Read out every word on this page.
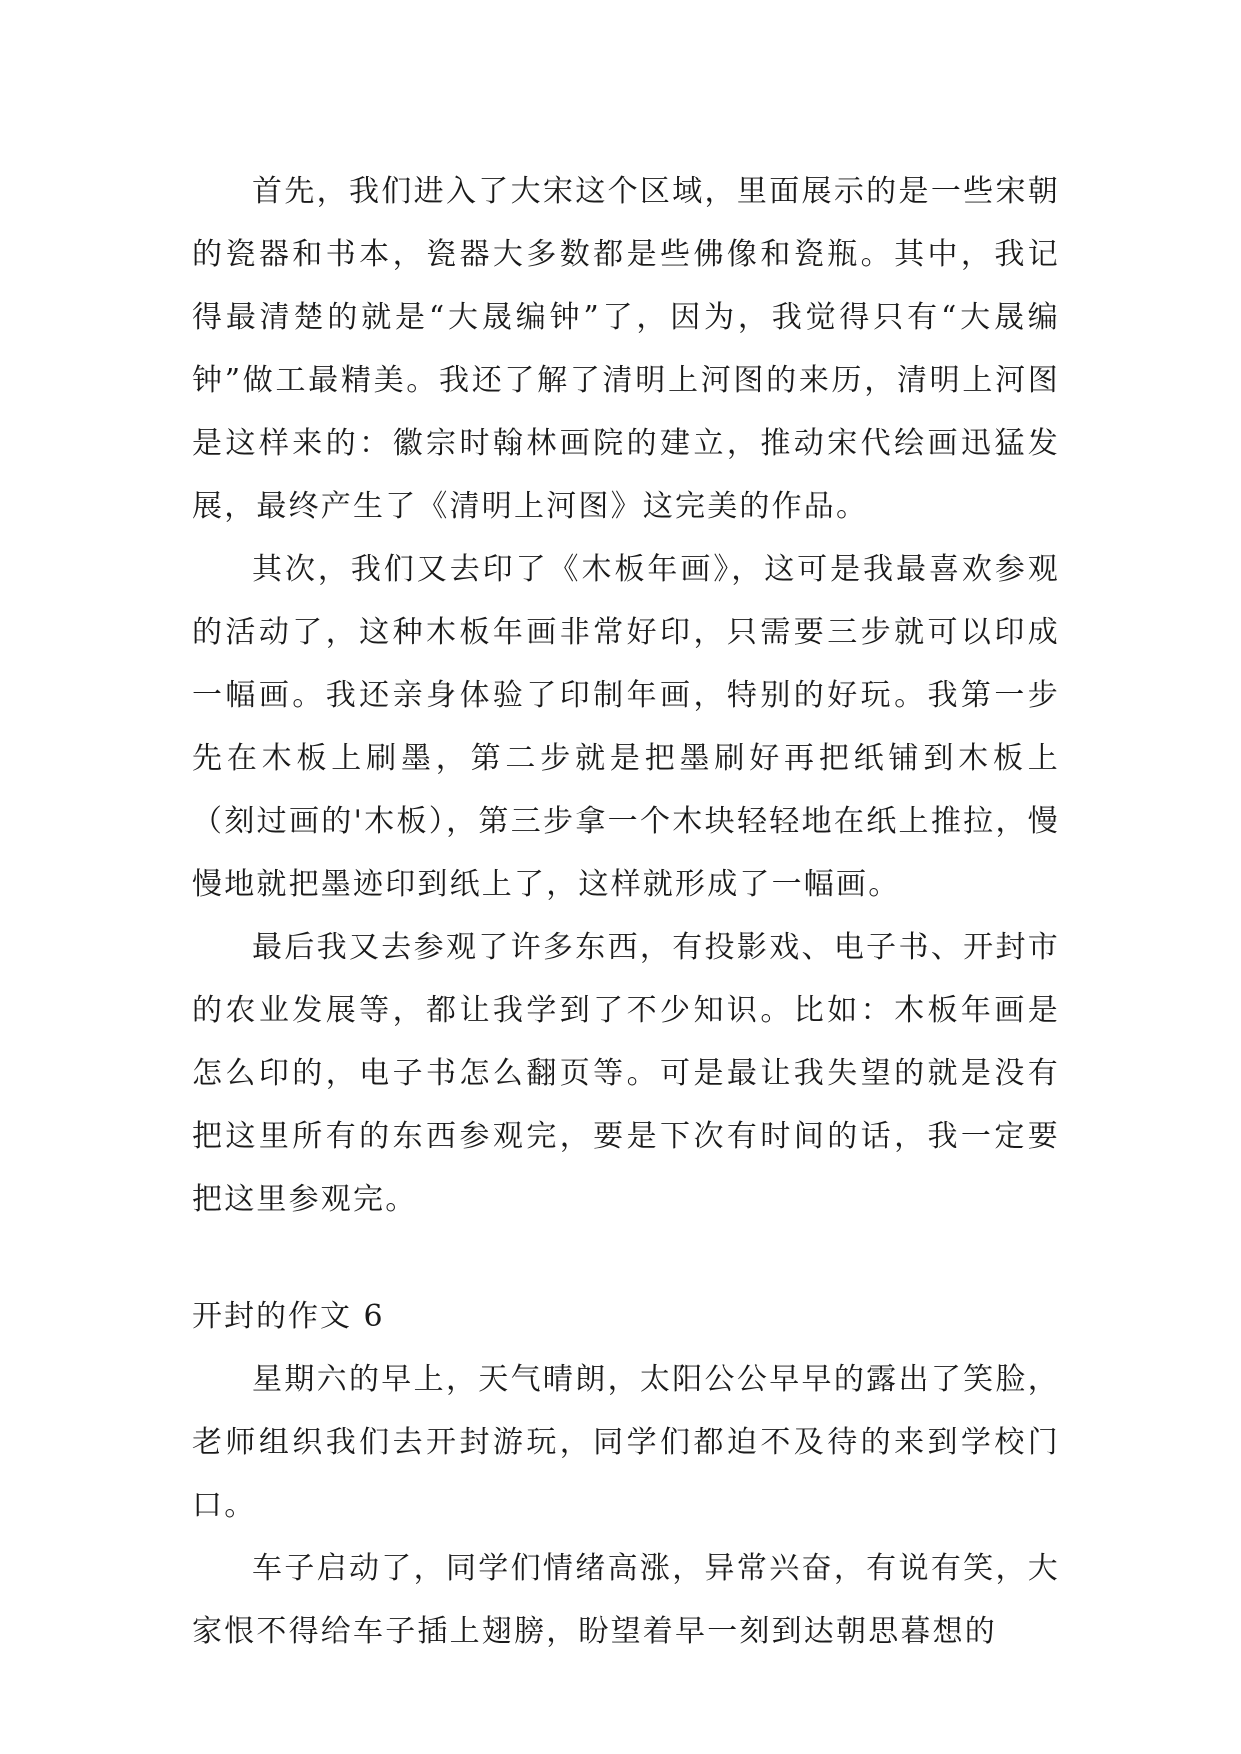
首先，我们进入了大宋这个区域，里面展示的是一些宋朝的瓷器和书本，瓷器大多数都是些佛像和瓷瓶。其中，我记得最清楚的就是“大晟编钟”了，因为，我觉得只有“大晟编钟”做工最精美。我还了解了清明上河图的来历，清明上河图是这样来的：徽宗时翰林画院的建立，推动宋代绘画迅猛发展，最终产生了《清明上河图》这完美的作品。

其次，我们又去印了《木板年画》，这可是我最喜欢参观的活动了，这种木板年画非常好印，只需要三步就可以印成一幅画。我还亲身体验了印制年画，特别的好玩。我第一步先在木板上刷墨，第二步就是把墨刷好再把纸铺到木板上（刻过画的'木板），第三步拿一个木块轻轻地在纸上推拉，慢慢地就把墨迹印到纸上了，这样就形成了一幅画。

最后我又去参观了许多东西，有投影戏、电子书、开封市的农业发展等，都让我学到了不少知识。比如：木板年画是怎么印的，电子书怎么翻页等。可是最让我失望的就是没有把这里所有的东西参观完，要是下次有时间的话，我一定要把这里参观完。

开封的作文 6

星期六的早上，天气晴朗，太阳公公早早的露出了笑脸，老师组织我们去开封游玩，同学们都迫不及待的来到学校门口。

车子启动了，同学们情绪高涨，异常兴奋，有说有笑，大家恨不得给车子插上翅膀，盼望着早一刻到达朝思暮想的
